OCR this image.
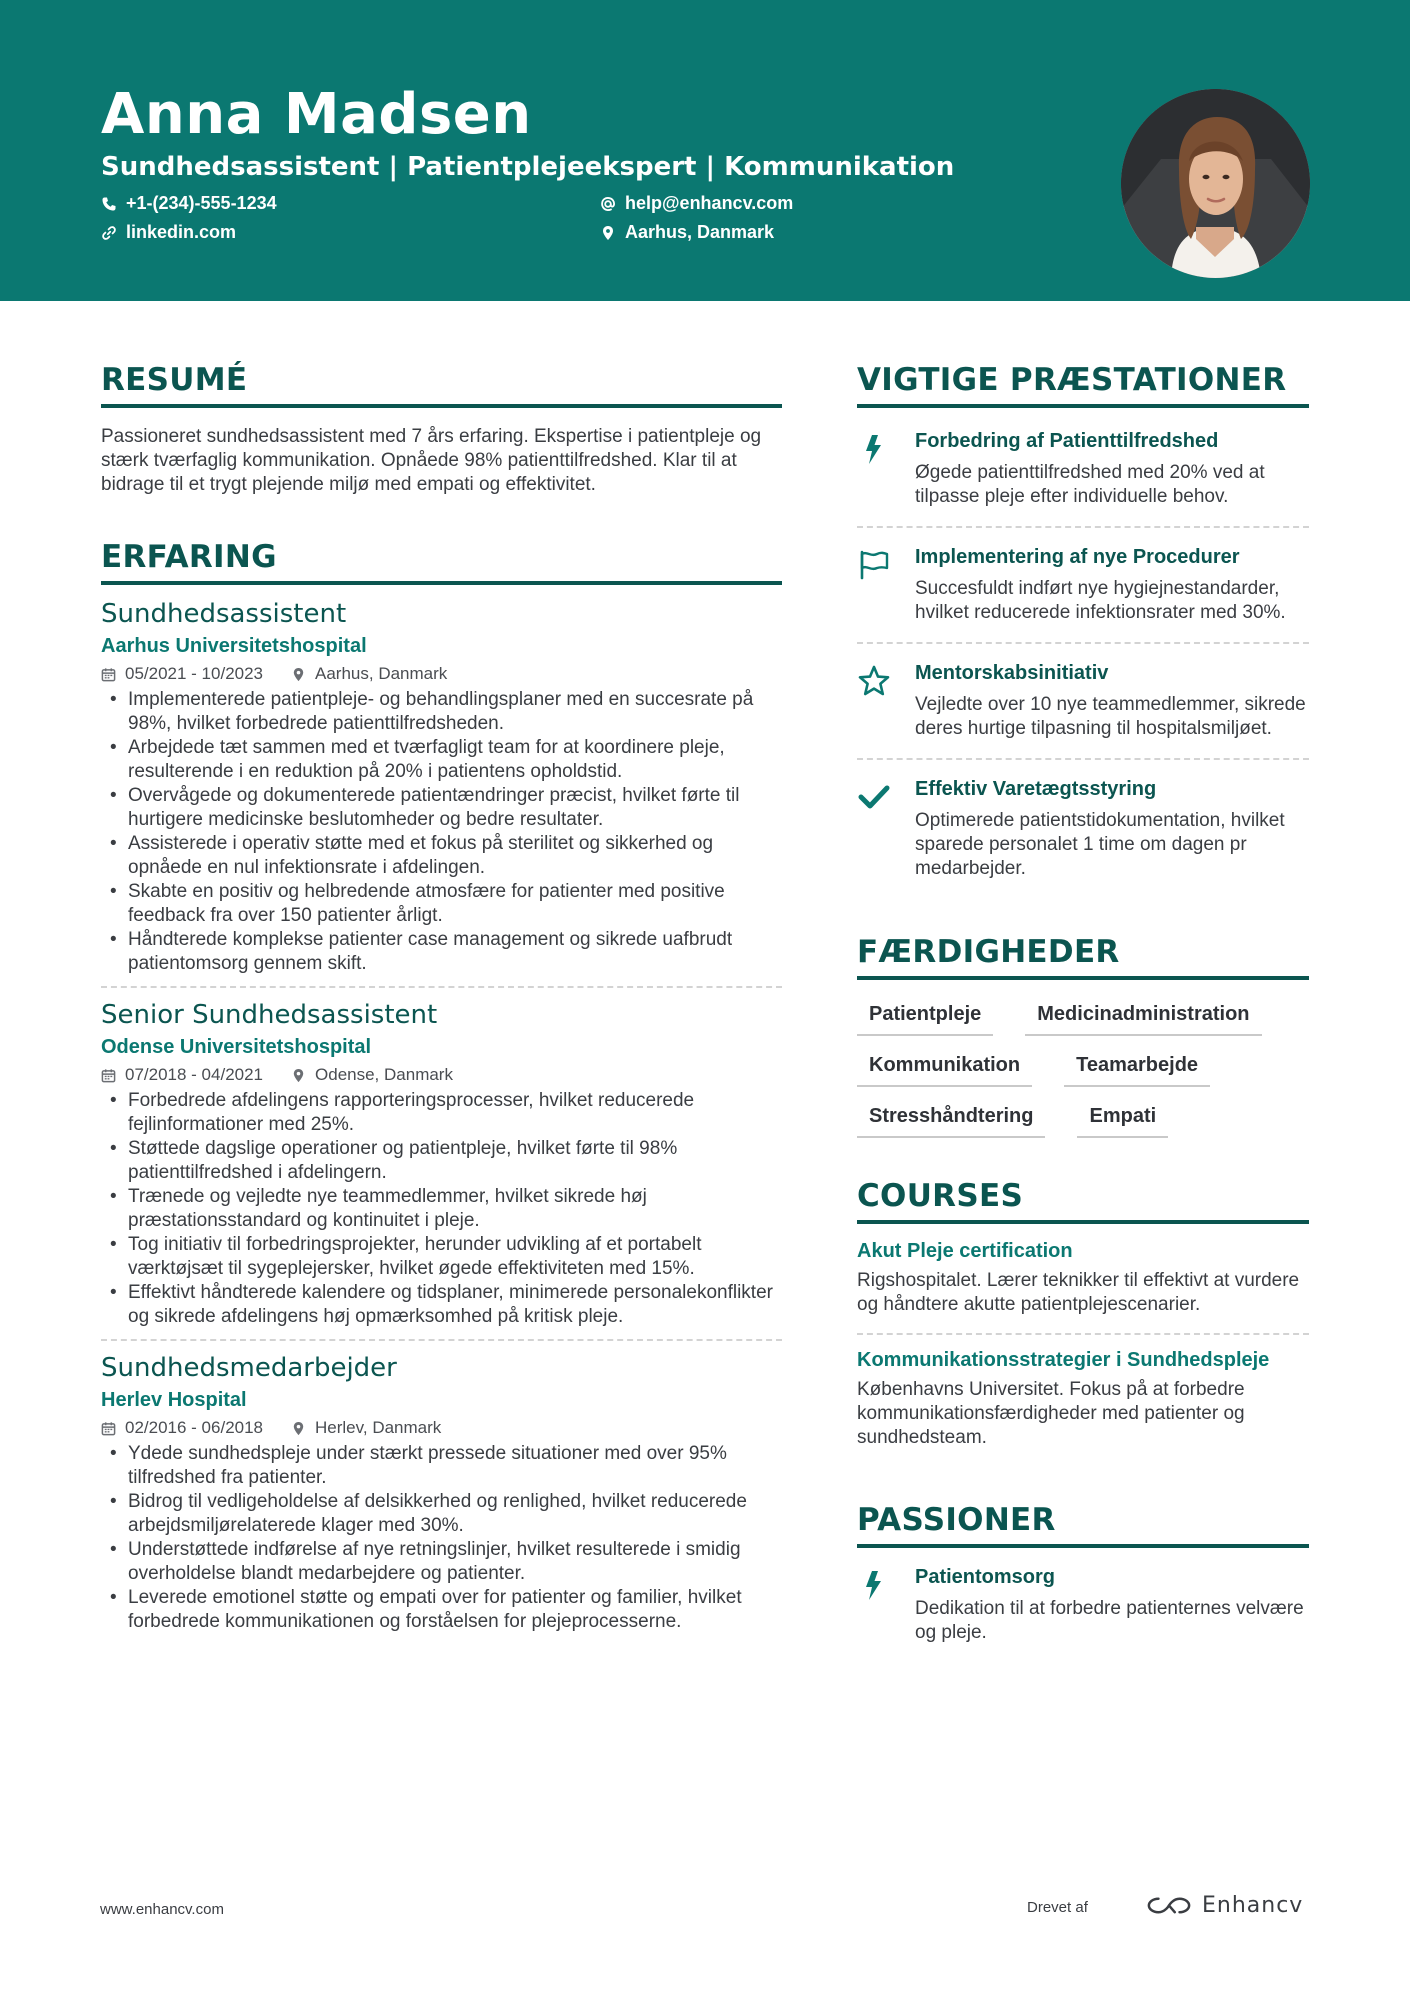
Anna Madsen
Sundhedsassistent | Patientplejeekspert | Kommunikation
+1-(234)-555-1234	help@enhancv.com
linkedin.com	Aarhus, Danmark
RESUMÉ

Passioneret sundhedsassistent med 7 års erfaring. Ekspertise i patientpleje og stærk tværfaglig kommunikation. Opnåede 98% patienttilfredshed. Klar til at bidrage til et trygt plejende miljø med empati og effektivitet.

ERFARING
Sundhedsassistent
Aarhus Universitetshospital
05/2021 - 10/2023	Aarhus, Danmark
• Implementerede patientpleje- og behandlingsplaner med en succesrate på 98%, hvilket forbedrede patienttilfredsheden.
• Arbejdede tæt sammen med et tværfagligt team for at koordinere pleje, resulterende i en reduktion på 20% i patientens opholdstid.
• Overvågede og dokumenterede patientændringer præcist, hvilket førte til hurtigere medicinske beslutomheder og bedre resultater.
• Assisterede i operativ støtte med et fokus på sterilitet og sikkerhed og opnåede en nul infektionsrate i afdelingen.
• Skabte en positiv og helbredende atmosfære for patienter med positive feedback fra over 150 patienter årligt.
• Håndterede komplekse patienter case management og sikrede uafbrudt patientomsorg gennem skift.
Senior Sundhedsassistent
Odense Universitetshospital
07/2018 - 04/2021	Odense, Danmark
• Forbedrede afdelingens rapporteringsprocesser, hvilket reducerede fejlinformationer med 25%.
• Støttede dagslige operationer og patientpleje, hvilket førte til 98% patienttilfredshed i afdelingern.
• Trænede og vejledte nye teammedlemmer, hvilket sikrede høj præstationsstandard og kontinuitet i pleje.
• Tog initiativ til forbedringsprojekter, herunder udvikling af et portabelt værktøjsæt til sygeplejersker, hvilket øgede effektiviteten med 15%.
• Effektivt håndterede kalendere og tidsplaner, minimerede personalekonflikter og sikrede afdelingens høj opmærksomhed på kritisk pleje.
Sundhedsmedarbejder
Herlev Hospital
02/2016 - 06/2018	Herlev, Danmark
• Ydede sundhedspleje under stærkt pressede situationer med over 95% tilfredshed fra patienter.
• Bidrog til vedligeholdelse af delsikkerhed og renlighed, hvilket reducerede arbejdsmiljørelaterede klager med 30%.
• Understøttede indførelse af nye retningslinjer, hvilket resulterede i smidig overholdelse blandt medarbejdere og patienter.
• Leverede emotionel støtte og empati over for patienter og familier, hvilket forbedrede kommunikationen og forståelsen for plejeprocesserne.
VIGTIGE PRÆSTATIONER
Forbedring af Patienttilfredshed
Øgede patienttilfredshed med 20% ved at tilpasse pleje efter individuelle behov.
Implementering af nye Procedurer
Succesfuldt indført nye hygiejnestandarder, hvilket reducerede infektionsrater med 30%.
Mentorskabsinitiativ
Vejledte over 10 nye teammedlemmer, sikrede deres hurtige tilpasning til hospitalsmiljøet.
Effektiv Varetægtsstyring
Optimerede patientstidokumentation, hvilket sparede personalet 1 time om dagen pr medarbejder.
FÆRDIGHEDER
Patientpleje	Medicinadministration
Kommunikation	Teamarbejde
Stresshåndtering	Empati
COURSES
Akut Pleje certification
Rigshospitalet. Lærer teknikker til effektivt at vurdere og håndtere akutte patientplejescenarier.
Kommunikationsstrategier i Sundhedspleje
Københavns Universitet. Fokus på at forbedre kommunikationsfærdigheder med patienter og sundhedsteam.
PASSIONER
Patientomsorg
Dedikation til at forbedre patienternes velvære og pleje.
www.enhancv.com	Drevet af	Enhancv
